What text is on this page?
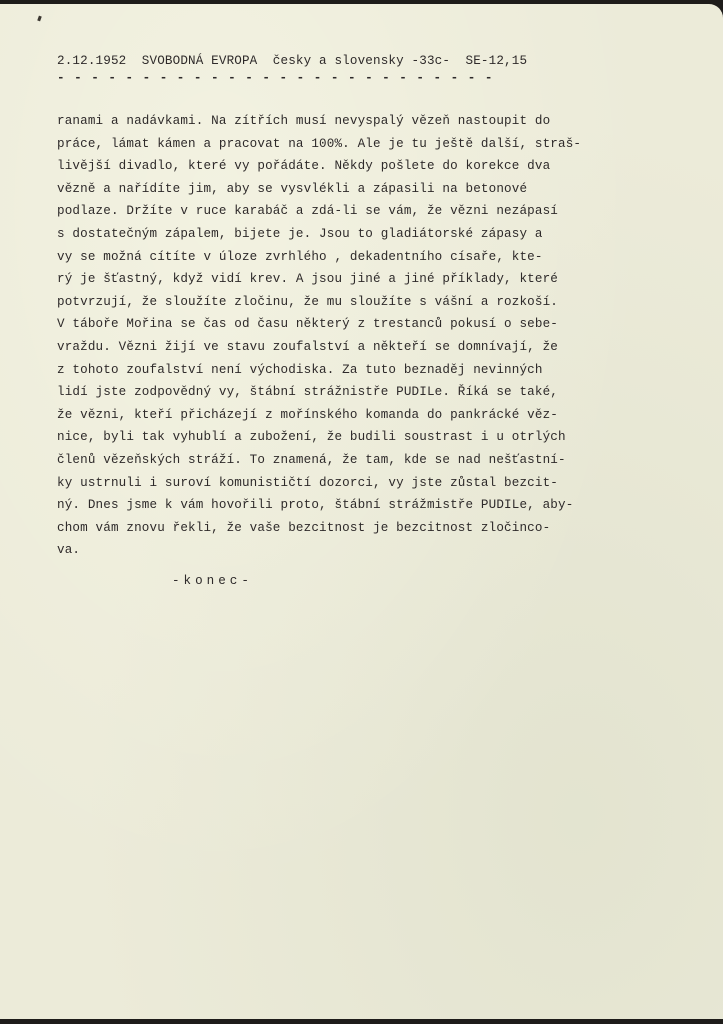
2.12.1952  SVOBODNÁ EVROPA  česky a slovensky -33c-  SE-12,15
- - - - - - - - - - - - - - - - - - - - - - - - - -
ranami a nadávkami. Na zítřích musí nevyspalý vězeň nastoupit do
práce, lámat kámen a pracovat na 100%. Ale je tu ještě další, straš-
livější divadlo, které vy pořádáte. Někdy pošlete do korekce dva
vězně a nařídíte jim, aby se vysvlékli a zápasili na betonové
podlaze. Držíte v ruce karabáč a zdá-li se vám, že vězni nezápasí
s dostatečným zápalem, bijete je. Jsou to gladiátorské zápasy a
vy se možná cítíte v úloze zvrhlého , dekadentního císaře, kte-
rý je šťastný, když vidí krev. A jsou jiné a jiné příklady, které
potvrzují, že sloužíte zločinu, že mu sloužíte s vášní a rozkoší.
V táboře Mořina se čas od času některý z trestanců pokusí o sebe-
vraždu. Vězni žijí ve stavu zoufalství a někteří se domnívají, že
z tohoto zoufalství není východiska. Za tuto beznaděj nevinných
lidí jste zodpovědný vy, štábní strážnistře PUDILe. Říká se také,
že vězni, kteří přicházejí z mořínského komanda do pankrácké věz-
nice, byli tak vyhublí a zubožení, že budili soustrast i u otrlých
členů vězeňských stráží. To znamená, že tam, kde se nad nešťastní-
ky ustrnuli i suroví komunističtí dozorci, vy jste zůstal bezcit-
ný. Dnes jsme k vám hovořili proto, štábní strážmistře PUDILe, aby-
chom vám znovu řekli, že vaše bezcitnost je bezcitnost zločinco-
va.
-konec-
